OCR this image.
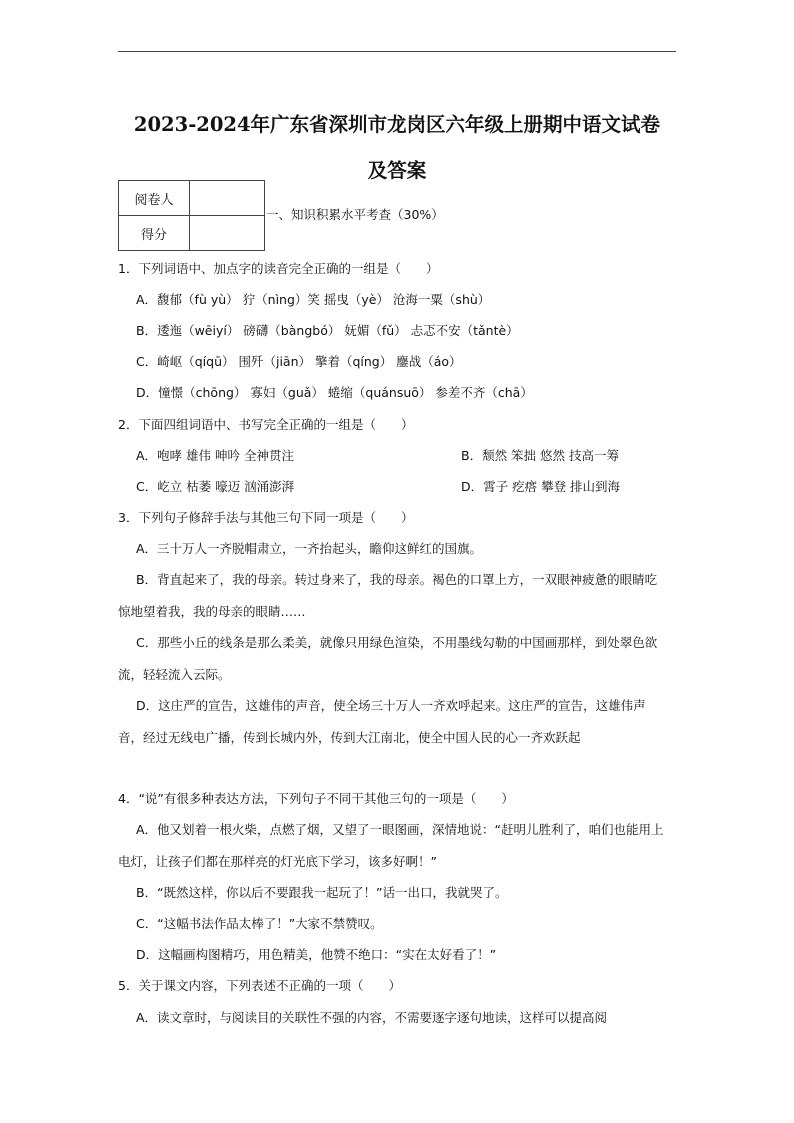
2023-2024年广东省深圳市龙岗区六年级上册期中语文试卷
及答案
阅卷人	
得分	
一、知识积累水平考查（30%）
1．下列词语中、加点字的读音完全正确的一组是（　　）
A．馥郁（fù yù） 狞（nìng）笑 摇曳（yè） 沧海一粟（shù）
B．逶迤（wēiyí） 磅礴（bàngbó） 妩媚（fǔ） 忐忑不安（tǎntè）
C．崎岖（qíqū） 围歼（jiān） 擎着（qíng） 鏖战（áo）
D．憧憬（chōng） 寡妇（guǎ） 蜷缩（quánsuō） 参差不齐（chā）
2．下面四组词语中、书写完全正确的一组是（　　）
A．咆哮 雄伟 呻吟 全神贯注	B．颓然 笨拙 悠然 技高一筹
C．屹立 枯萎 嚎迈 汹涌澎湃	D．霄子 疙瘩 攀登 排山到海
3．下列句子修辞手法与其他三句下同一项是（　　）
A．三十万人一齐脱帽肃立，一齐抬起头，瞻仰这鲜红的国旗。
B．背直起来了，我的母亲。转过身来了，我的母亲。褐色的口罩上方，一双眼神疲惫的眼睛吃惊地望着我，我的母亲的眼睛……
C．那些小丘的线条是那么柔美，就像只用绿色渲染，不用墨线勾勒的中国画那样，到处翠色欲流，轻轻流入云际。
D．这庄严的宣告，这雄伟的声音，使全场三十万人一齐欢呼起来。这庄严的宣告，这雄伟声音，经过无线电广播，传到长城内外，传到大江南北，使全中国人民的心一齐欢跃起
4．“说”有很多种表达方法，下列句子不同干其他三句的一项是（　　）
A．他又划着一根火柴，点燃了烟，又望了一眼图画，深情地说：“赶明儿胜利了，咱们也能用上电灯，让孩子们都在那样亮的灯光底下学习，该多好啊！”
B．“既然这样，你以后不要跟我一起玩了！”话一出口，我就哭了。
C．“这幅书法作品太棒了！”大家不禁赞叹。
D．这幅画构图精巧，用色精美，他赞不绝口：“实在太好看了！”
5．关于课文内容，下列表述不正确的一项（　　）
A．读文章时，与阅读目的关联性不强的内容，不需要逐字逐句地读，这样可以提高阅
